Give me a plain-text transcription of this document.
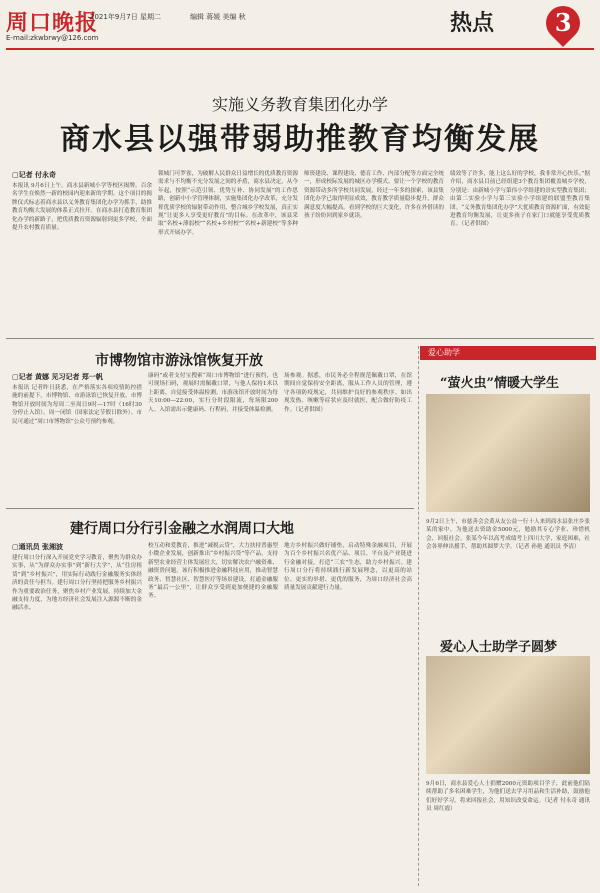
周口晚报
2021年9月7日 星期二	编辑 蒋媛 美编 秋
E-mail:zkwbrwy@126.com
热点	3
实施义务教育集团化办学
商水县以强带弱助推教育均衡发展
▢记者 付永奇
本报讯 9月6日上午，商水县新城小学等校区揭牌。百余名学生在焕然一新的校园内迎来新的学期。这个项目的揭牌仪式标志着商水县以义务教育集团化办学为抓手，助推教育均衡大发展的体系正式拉开。在商水县打造教育集团化办学的新路子，把优质教育资源辐射到更多学校，全面提升农村教育质量。
锁城门可罗雀，为破解人民群众日益增长的优质教育资源需求与不均衡不充分发展之间的矛盾，商水县决定，从今年起，按照“示范引领、优势互补、协同发展”的工作思路，创新中小学管理体制，实施集团化办学改革，充分发挥优质学校的辐射带动作用，整合城乡学校发展，真正实现“让更多人享受更好教育”的目标。在改革中，该县采取“名校+薄弱校”“名校+乡村校”“名校+新建校”等多种形式开展办学。
师资建设、课程建设、德育工作、内部分配等方面完全统一，形成校际发展的城区办学模式。要让一个学校的教育资源带动多所学校共同发展，经过一年多的探索，该县集团化办学已取得明显成效，教育教学质量稳步提升，群众满意度大幅提高。看到学校的巨大变化，许多在外借读的孩子纷纷回到家乡就读。
绩效等了许多，能上这么好的学校，我非常开心快乐。”据介绍，商水县目前已经组建3个教育集团覆盖城乡学校，分别是：由新城小学与第伟小学组建的崇实型教育集团；由第二实验小学与第三实验小学组建的联盟型教育集团。“义务教育集团化办学”大优质教育资源扩面，有效促进教育均衡发展，让更多孩子在家门口就能享受优质教育。（记者供图）
市博物馆市游泳馆恢复开放
▢记者 黄娜 见习记者 郑一帆
本报讯 记者昨日获悉，在严格落实各项疫情防控措施的前提下，市博物馆、市游泳馆已恢复开放。市博物馆开放时间为每周二至周日9时—17时（16时30分停止入馆），周一闭馆（国家法定节假日除外）。市民可通过“周口市博物馆”公众号预约参观。
康码”或者支付宝搜索“周口市博物馆”进行预约，也可现场扫码，观展时需佩戴口罩，与他人保持1米以上距离，自觉接受体温检测。市游泳馆开放时间为每天10:00—22:00，实行分时段限流，每场限200人。入馆需出示健康码、行程码，并接受体温检测。
场参观。据悉，市民务必全程规范佩戴口罩，在馆期间自觉保持安全距离，服从工作人员的管理，遵守各项防疫规定，共同维护良好的参观秩序。如出现发热、咳嗽等症状应及时就医，配合做好防疫工作。（记者供图）
建行周口分行引金融之水润周口大地
▢通讯员 张湘波
建行周口分行深入开展党史学习教育，聚焦为群众办实事，从“为群众办实事”到“新行大学”，从“住房租赁”到“乡村振兴”，用实际行动践行金融服务实体经济的责任与担当。建行周口分行坚持把服务乡村振兴作为重要政治任务，聚焦乡村产业发展，持续加大金融支持力度，为地方经济社会发展注入源源不断的金融活水。
校互动和爱教育，推进“减税云贷”，大力扶持普惠型小微企业发展，创新推出“乡村振兴贷”等产品，支持新型农业经营主体发展壮大，切实解决农户融资难、融资贵问题。该行积极推进金融科技应用，推动智慧政务、智慧社区、智慧医疗等场景建设，打通金融服务“最后一公里”，让群众享受到更加便捷的金融服务。
地方乡村振兴做好铺垫，启动特殊金融项目，开展为百个乡村振兴名优产品、项目、平台及产业链进行金融对接，打造“三农”生态，助力乡村振兴。建行周口分行将持续践行新发展理念，以更高的站位、更实的举措、更优的服务，为周口经济社会高质量发展贡献建行力量。
爱心助学
“萤火虫”情暖大学生
9月2日上午，市慈善会会黄从友公益一行十人来到商水县张庄乡张某的家中，为他送去资助金5000元，勉励其专心学业、珍惜机会、回报社会。张某今年以高考成绩考上四川大学，家庭困难，社会各界伸出援手，帮助其圆梦大学。（记者 孙艳 通讯员 李清）
爱心人士助学子圆梦
9月6日，商水县爱心人士捐赠2000元资助项目学子，此前他们陆续帮助了多名困难学生，为他们送去学习用品和生活补助，鼓励他们好好学习，将来回报社会，用知识改变命运。（记者 付永奇 通讯员 周红霞）
